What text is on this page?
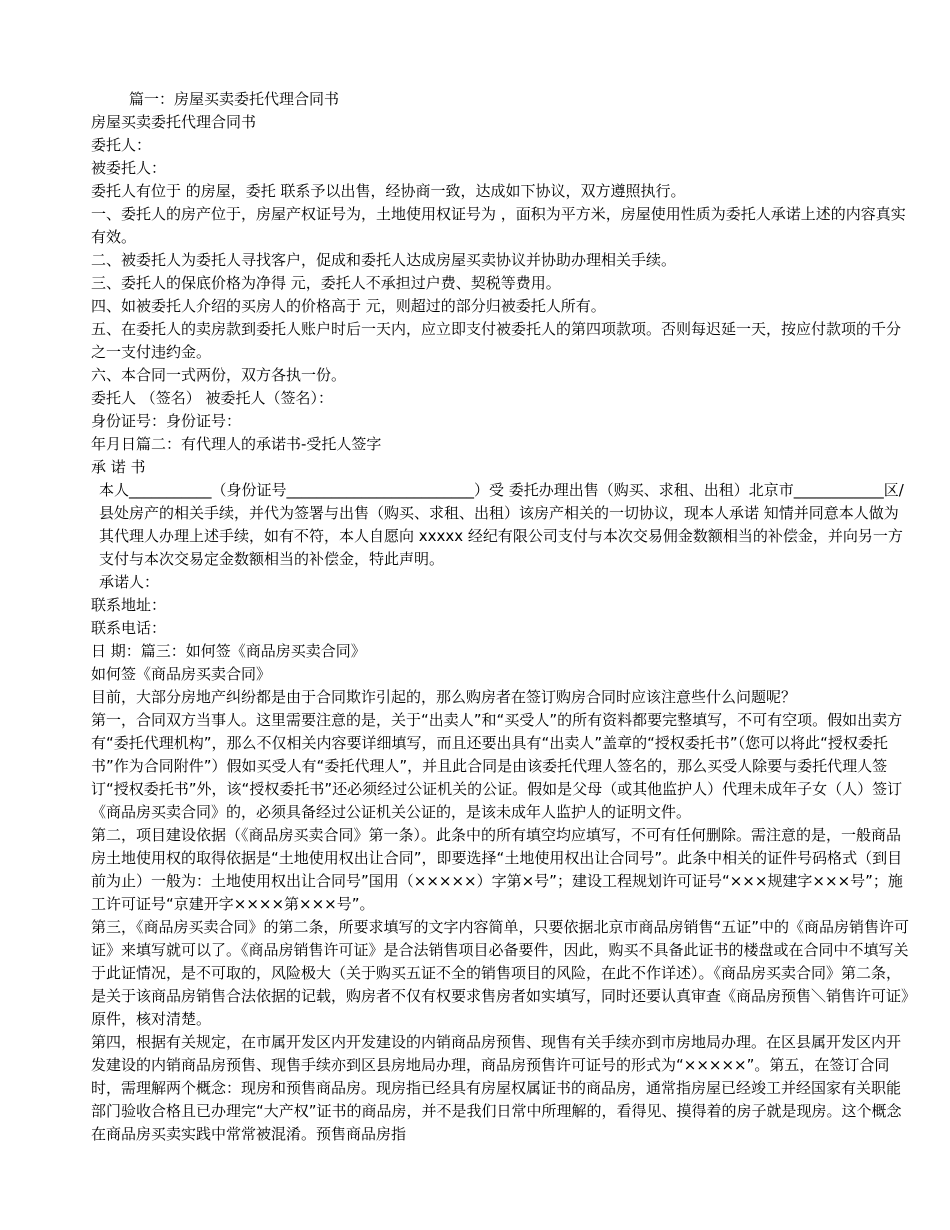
篇一：房屋买卖委托代理合同书

房屋买卖委托代理合同书

委托人：

被委托人：

委托人有位于 的房屋，委托 联系予以出售，经协商一致，达成如下协议，双方遵照执行。

一、委托人的房产位于，房屋产权证号为，土地使用权证号为 ，面积为平方米，房屋使用性质为委托人承诺上述的内容真实有效。

二、被委托人为委托人寻找客户，促成和委托人达成房屋买卖协议并协助办理相关手续。

三、委托人的保底价格为净得 元，委托人不承担过户费、契税等费用。

四、如被委托人介绍的买房人的价格高于 元，则超过的部分归被委托人所有。

五、在委托人的卖房款到委托人账户时后一天内，应立即支付被委托人的第四项款项。否则每迟延一天，按应付款项的千分之一支付违约金。

六、本合同一式两份，双方各执一份。

委托人 （签名） 被委托人（签名）：

身份证号：身份证号：

年月日篇二：有代理人的承诺书-受托人签字

承 诺 书

本人___________（身份证号_________________________）受 委托办理出售（购买、求租、出租）北京市____________区/县处房产的相关手续，并代为签署与出售（购买、求租、出租）该房产相关的一切协议，现本人承诺 知情并同意本人做为其代理人办理上述手续，如有不符，本人自愿向 xxxxx 经纪有限公司支付与本次交易佣金数额相当的补偿金，并向另一方支付与本次交易定金数额相当的补偿金，特此声明。

承诺人：

联系地址：

联系电话：

日 期：篇三：如何签《商品房买卖合同》

如何签《商品房买卖合同》

目前，大部分房地产纠纷都是由于合同欺诈引起的，那么购房者在签订购房合同时应该注意些什么问题呢？

第一，合同双方当事人。这里需要注意的是，关于“出卖人”和“买受人”的所有资料都要完整填写，不可有空项。假如出卖方有“委托代理机构”，那么不仅相关内容要详细填写，而且还要出具有“出卖人”盖章的“授权委托书”（您可以将此“授权委托书”作为合同附件”）假如买受人有“委托代理人”，并且此合同是由该委托代理人签名的，那么买受人除要与委托代理人签订“授权委托书”外，该“授权委托书”还必须经过公证机关的公证。假如是父母（或其他监护人）代理未成年子女（人）签订《商品房买卖合同》的，必须具备经过公证机关公证的，是该未成年人监护人的证明文件。

第二，项目建设依据（《商品房买卖合同》第一条）。此条中的所有填空均应填写，不可有任何删除。需注意的是，一般商品房土地使用权的取得依据是“土地使用权出让合同”，即要选择“土地使用权出让合同号”。此条中相关的证件号码格式（到目前为止）一般为：土地使用权出让合同号”国用（×××××）字第×号”；建设工程规划许可证号“×××规建字×××号”；施工许可证号“京建开字××××第×××号”。

第三，《商品房买卖合同》的第二条，所要求填写的文字内容简单，只要依据北京市商品房销售“五证”中的《商品房销售许可证》来填写就可以了。《商品房销售许可证》是合法销售项目必备要件，因此，购买不具备此证书的楼盘或在合同中不填写关于此证情况，是不可取的，风险极大（关于购买五证不全的销售项目的风险，在此不作详述）。《商品房买卖合同》第二条，是关于该商品房销售合法依据的记载，购房者不仅有权要求售房者如实填写，同时还要认真审查《商品房预售＼销售许可证》原件，核对清楚。

第四，根据有关规定，在市属开发区内开发建设的内销商品房预售、现售有关手续亦到市房地局办理。在区县属开发区内开发建设的内销商品房预售、现售手续亦到区县房地局办理，商品房预售许可证号的形式为“×××××”。第五，在签订合同时，需理解两个概念：现房和预售商品房。现房指已经具有房屋权属证书的商品房，通常指房屋已经竣工并经国家有关职能部门验收合格且已办理完“大产权”证书的商品房，并不是我们日常中所理解的，看得见、摸得着的房子就是现房。这个概念在商品房买卖实践中常常被混淆。预售商品房指
